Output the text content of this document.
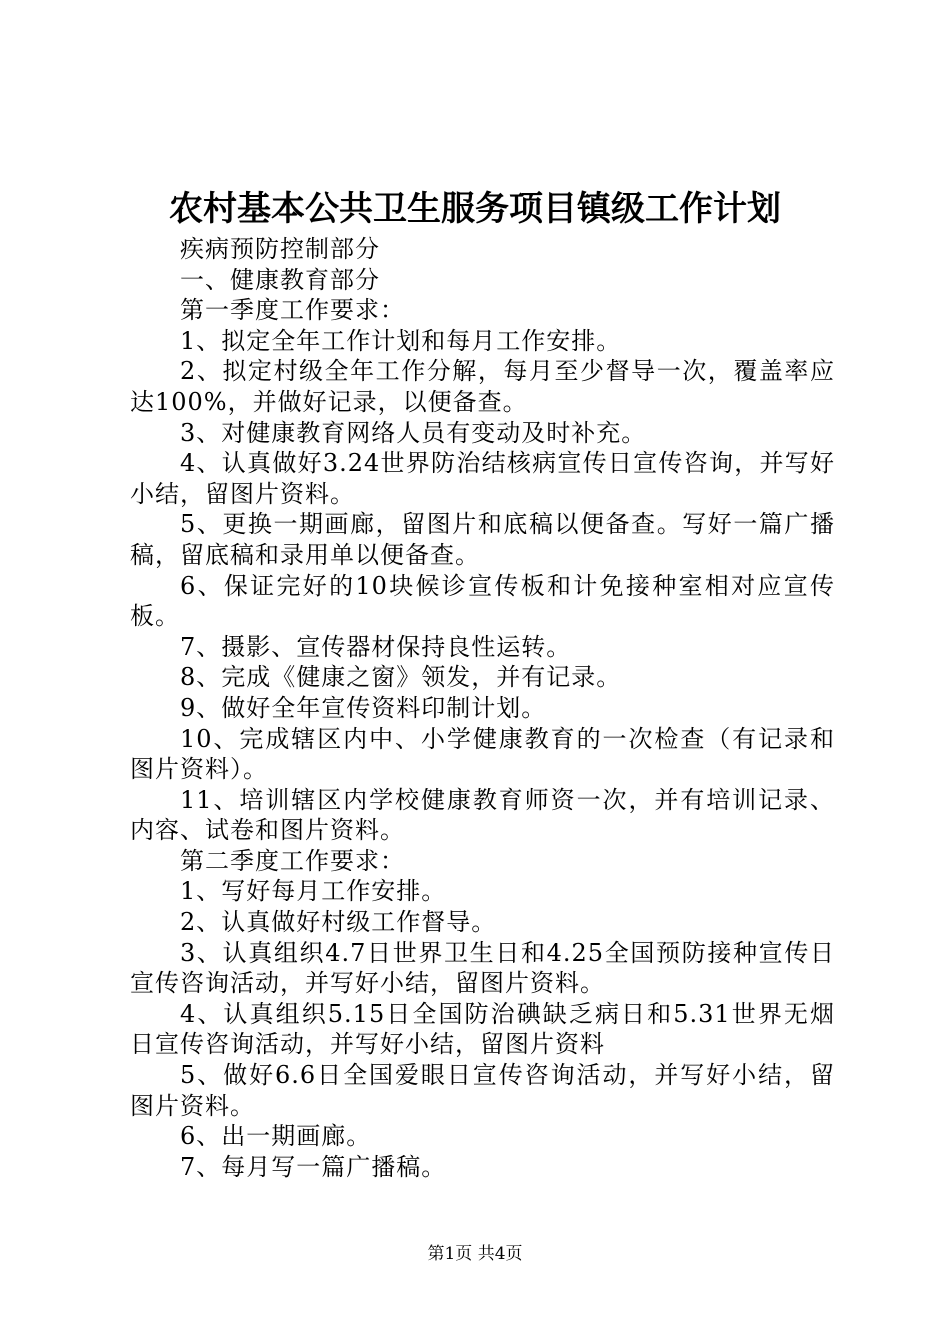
农村基本公共卫生服务项目镇级工作计划

疾病预防控制部分

一、健康教育部分

第一季度工作要求：

1、拟定全年工作计划和每月工作安排。

2、拟定村级全年工作分解，每月至少督导一次，覆盖率应达100%，并做好记录，以便备查。

3、对健康教育网络人员有变动及时补充。

4、认真做好3.24世界防治结核病宣传日宣传咨询，并写好小结，留图片资料。

5、更换一期画廊，留图片和底稿以便备查。写好一篇广播稿，留底稿和录用单以便备查。

6、保证完好的10块候诊宣传板和计免接种室相对应宣传板。

7、摄影、宣传器材保持良性运转。

8、完成《健康之窗》领发，并有记录。

9、做好全年宣传资料印制计划。

10、完成辖区内中、小学健康教育的一次检查（有记录和图片资料）。

11、培训辖区内学校健康教育师资一次，并有培训记录、内容、试卷和图片资料。

第二季度工作要求：

1、写好每月工作安排。

2、认真做好村级工作督导。

3、认真组织4.7日世界卫生日和4.25全国预防接种宣传日宣传咨询活动，并写好小结，留图片资料。

4、认真组织5.15日全国防治碘缺乏病日和5.31世界无烟日宣传咨询活动，并写好小结，留图片资料

5、做好6.6日全国爱眼日宣传咨询活动，并写好小结，留图片资料。

6、出一期画廊。

7、每月写一篇广播稿。

第1页 共4页
